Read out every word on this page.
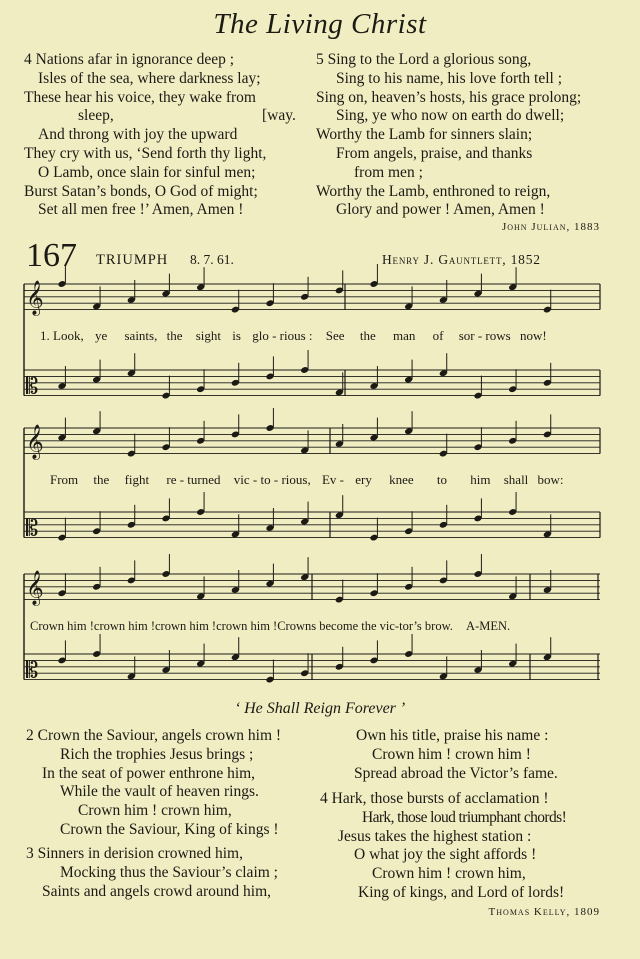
The Living Christ
4 Nations afar in ignorance deep ;
Isles of the sea, where darkness lay;
These hear his voice, they wake from
sleep,	[way.
And throng with joy the upward
They cry with us, ‘Send forth thy light,
O Lamb, once slain for sinful men;
Burst Satan’s bonds, O God of might;
Set all men free !’ Amen, Amen !
5 Sing to the Lord a glorious song,
Sing to his name, his love forth tell ;
Sing on, heaven’s hosts, his grace prolong;
Sing, ye who now on earth do dwell;
Worthy the Lamb for sinners slain;
From angels, praise, and thanks
from men ;
Worthy the Lamb, enthroned to reign,
Glory and power ! Amen, Amen !
John Julian, 1883
167 TRIUMPH 8. 7. 61.	Henry J. Gauntlett, 1852
𝄞
𝄡
𝄞
𝄡
𝄞
𝄡
1. Look, ye saints, the sight is glo - rious : See the man of sor - rows now!
From the fight re - turned vic - to - rious, Ev - ery knee to him shall bow:
Crown him !crown him !crown him !crown him !Crowns become the vic-tor’s brow. A-MEN.
‘ He Shall Reign Forever ’
2 Crown the Saviour, angels crown him !
Rich the trophies Jesus brings ;
In the seat of power enthrone him,
While the vault of heaven rings.
Crown him ! crown him,
Crown the Saviour, King of kings !
3 Sinners in derision crowned him,
Mocking thus the Saviour’s claim ;
Saints and angels crowd around him,
Own his title, praise his name :
Crown him ! crown him !
Spread abroad the Victor’s fame.
4 Hark, those bursts of acclamation !
Hark, those loud triumphant chords!
Jesus takes the highest station :
O what joy the sight affords !
Crown him ! crown him,
King of kings, and Lord of lords!
Thomas Kelly, 1809
